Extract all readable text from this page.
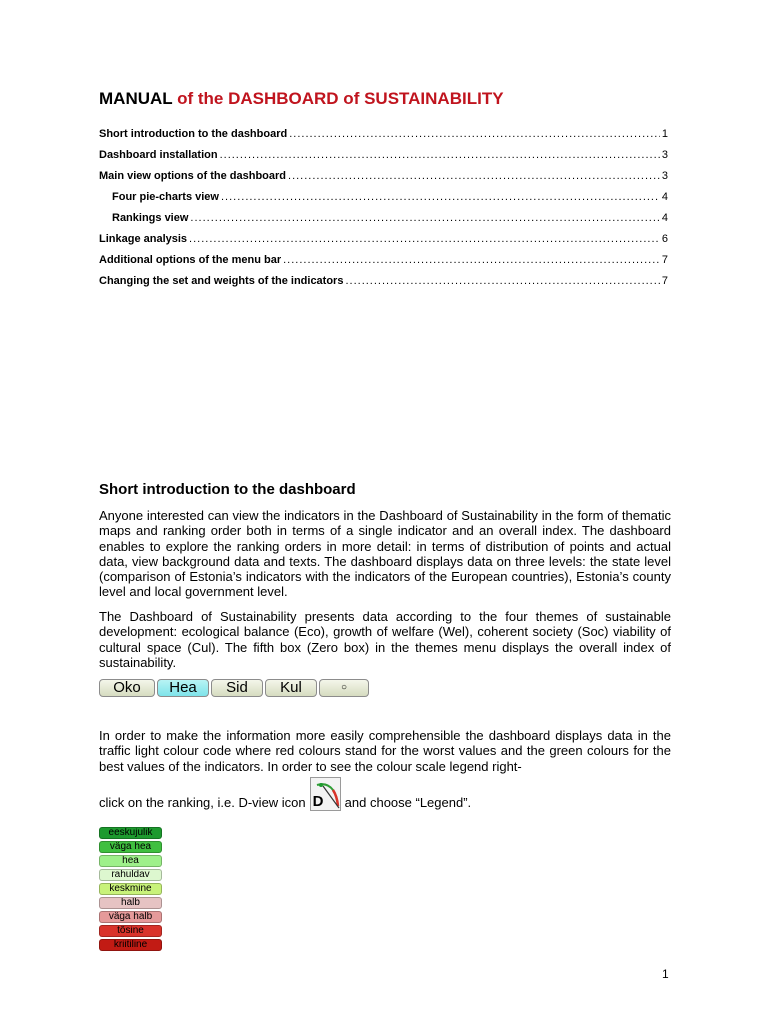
MANUAL of the DASHBOARD of SUSTAINABILITY
Short introduction to the dashboard .....	1
Dashboard installation .....	3
Main view options of the dashboard .....	3
Four pie-charts view .....	4
Rankings view .....	4
Linkage analysis .....	6
Additional options of the menu bar .....	7
Changing the set and weights of the indicators .....	7
Short introduction to the dashboard

Anyone interested can view the indicators in the Dashboard of Sustainability in the form of thematic maps and ranking order both in terms of a single indicator and an overall index. The dashboard enables to explore the ranking orders in more detail: in terms of distribution of points and actual data, view background data and texts. The dashboard displays data on three levels: the state level (comparison of Estonia’s indicators with the indicators of the European countries), Estonia’s county level and local government level.

The Dashboard of Sustainability presents data according to the four themes of sustainable development: ecological balance (Eco), growth of welfare (Wel), coherent society (Soc) viability of cultural space (Cul). The fifth box (Zero box) in the themes menu displays the overall index of sustainability.

Oko	Hea	Sid	Kul	○

In order to make the information more easily comprehensible the dashboard displays data in the traffic light colour code where red colours stand for the worst values and the green colours for the best values of the indicators. In order to see the colour scale legend right-

click on the ranking, i.e. D-view icon D and choose “Legend”.
eeskujulik
väga hea
hea
rahuldav
keskmine
halb
väga halb
tõsine
kriitiline
1
